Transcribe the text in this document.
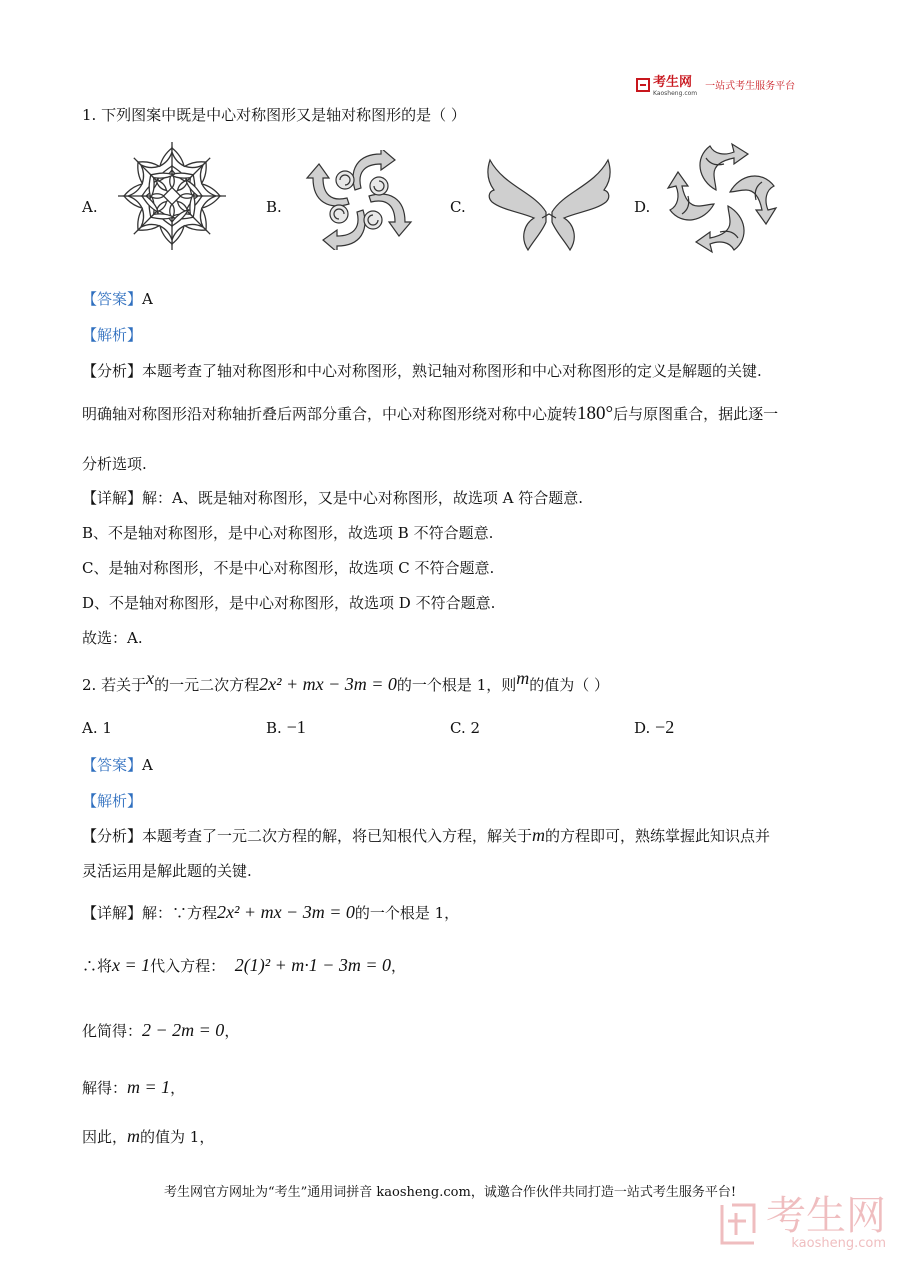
考生网
Kaosheng.com
一站式考生服务平台
1. 下列图案中既是中心对称图形又是轴对称图形的是（ ）
A.	B.	C.	D.
【答案】A
【解析】
【分析】本题考查了轴对称图形和中心对称图形，熟记轴对称图形和中心对称图形的定义是解题的关键.
明确轴对称图形沿对称轴折叠后两部分重合，中心对称图形绕对称中心旋转180°后与原图重合，据此逐一
分析选项.
【详解】解：A、既是轴对称图形，又是中心对称图形，故选项 A 符合题意.
B、不是轴对称图形，是中心对称图形，故选项 B 不符合题意.
C、是轴对称图形，不是中心对称图形，故选项 C 不符合题意.
D、不是轴对称图形，是中心对称图形，故选项 D 不符合题意.
故选：A.
2. 若关于x的一元二次方程2x² + mx − 3m = 0的一个根是 1，则m的值为（ ）
A. 1	B. −1	C. 2	D. −2
【答案】A
【解析】
【分析】本题考查了一元二次方程的解，将已知根代入方程，解关于m的方程即可，熟练掌握此知识点并
灵活运用是解此题的关键.
【详解】解：∵方程2x² + mx − 3m = 0的一个根是 1，
∴将x = 1代入方程： 2(1)² + m·1 − 3m = 0，
化简得：2 − 2m = 0，
解得：m = 1，
因此，m的值为 1，
考生网官方网址为“考生”通用词拼音 kaosheng.com，诚邀合作伙伴共同打造一站式考生服务平台!
考生网
kaosheng.com
